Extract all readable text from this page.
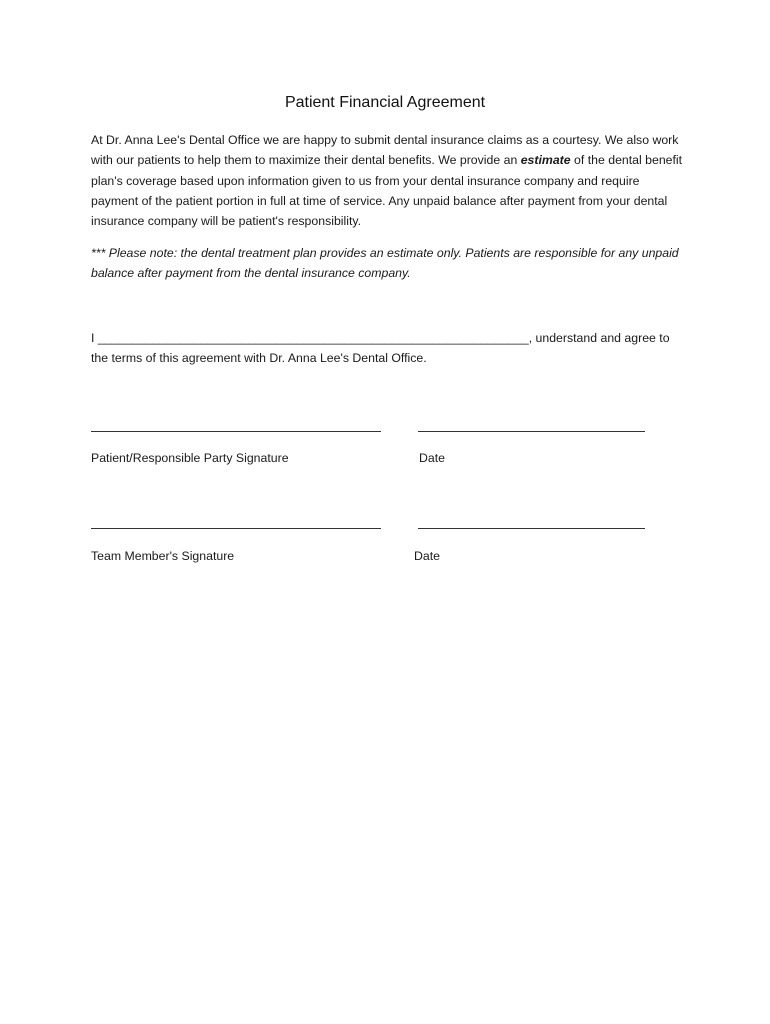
Patient Financial Agreement
At Dr. Anna Lee's Dental Office we are happy to submit dental insurance claims as a courtesy. We also work with our patients to help them to maximize their dental benefits. We provide an estimate of the dental benefit plan's coverage based upon information given to us from your dental insurance company and require payment of the patient portion in full at time of service. Any unpaid balance after payment from your dental insurance company will be patient's responsibility.
*** Please note: the dental treatment plan provides an estimate only. Patients are responsible for any unpaid balance after payment from the dental insurance company.
I _______________________________________________________________, understand and agree to the terms of this agreement with Dr. Anna Lee's Dental Office.
Patient/Responsible Party Signature	Date
Team Member's Signature	Date
